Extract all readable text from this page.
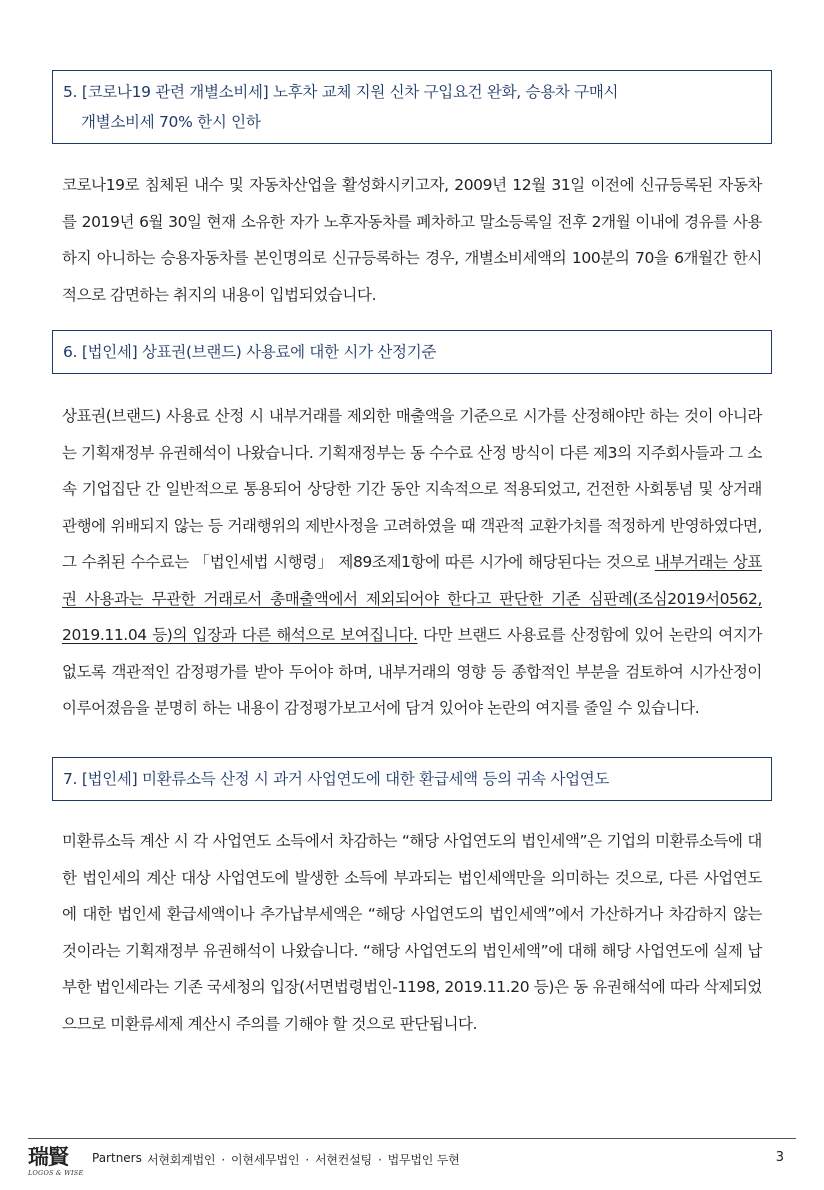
5. [코로나19 관련 개별소비세] 노후차 교체 지원 신차 구입요건 완화, 승용차 구매시
개별소비세 70% 한시 인하

코로나19로 침체된 내수 및 자동차산업을 활성화시키고자, 2009년 12월 31일 이전에 신규등록된 자동차를 2019년 6월 30일 현재 소유한 자가 노후자동차를 폐차하고 말소등록일 전후 2개월 이내에 경유를 사용하지 아니하는 승용자동차를 본인명의로 신규등록하는 경우, 개별소비세액의 100분의 70을 6개월간 한시적으로 감면하는 취지의 내용이 입법되었습니다.

6. [법인세] 상표권(브랜드) 사용료에 대한 시가 산정기준

상표권(브랜드) 사용료 산정 시 내부거래를 제외한 매출액을 기준으로 시가를 산정해야만 하는 것이 아니라는 기획재정부 유권해석이 나왔습니다. 기획재정부는 동 수수료 산정 방식이 다른 제3의 지주회사들과 그 소속 기업집단 간 일반적으로 통용되어 상당한 기간 동안 지속적으로 적용되었고, 건전한 사회통념 및 상거래 관행에 위배되지 않는 등 거래행위의 제반사정을 고려하였을 때 객관적 교환가치를 적정하게 반영하였다면, 그 수취된 수수료는 「법인세법 시행령」 제89조제1항에 따른 시가에 해당된다는 것으로 내부거래는 상표권 사용과는 무관한 거래로서 총매출액에서 제외되어야 한다고 판단한 기존 심판례(조심2019서0562, 2019.11.04 등)의 입장과 다른 해석으로 보여집니다. 다만 브랜드 사용료를 산정함에 있어 논란의 여지가 없도록 객관적인 감정평가를 받아 두어야 하며, 내부거래의 영향 등 종합적인 부분을 검토하여 시가산정이 이루어졌음을 분명히 하는 내용이 감정평가보고서에 담겨 있어야 논란의 여지를 줄일 수 있습니다.

7. [법인세] 미환류소득 산정 시 과거 사업연도에 대한 환급세액 등의 귀속 사업연도

미환류소득 계산 시 각 사업연도 소득에서 차감하는 “해당 사업연도의 법인세액”은 기업의 미환류소득에 대한 법인세의 계산 대상 사업연도에 발생한 소득에 부과되는 법인세액만을 의미하는 것으로, 다른 사업연도에 대한 법인세 환급세액이나 추가납부세액은 “해당 사업연도의 법인세액”에서 가산하거나 차감하지 않는 것이라는 기획재정부 유권해석이 나왔습니다. “해당 사업연도의 법인세액”에 대해 해당 사업연도에 실제 납부한 법인세라는 기존 국세청의 입장(서면법령법인-1198, 2019.11.20 등)은 동 유권해석에 따라 삭제되었으므로 미환류세제 계산시 주의를 기해야 할 것으로 판단됩니다.

瑞賢
LOGOS & WISE
Partners 서현회계법인 · 이현세무법인 · 서현컨설팅 · 법무법인 두현	3
